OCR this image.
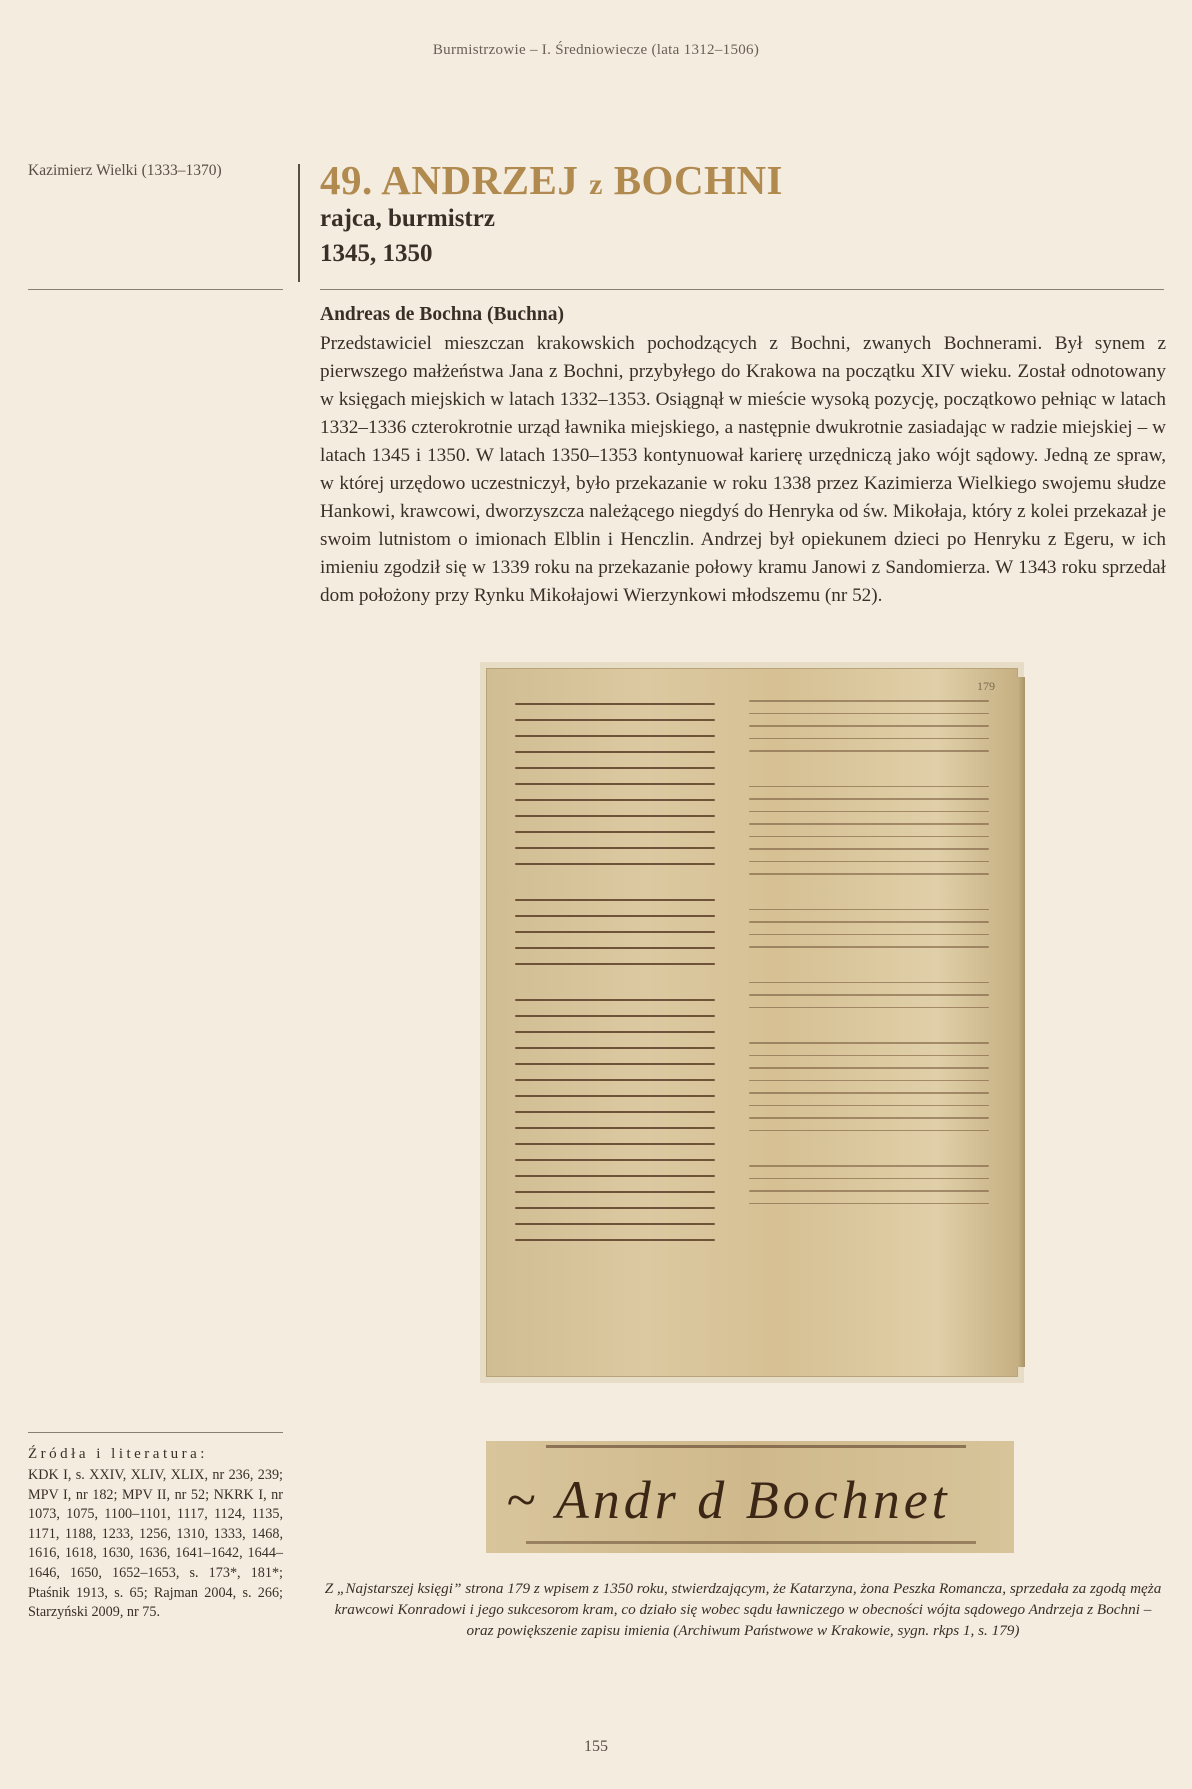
Burmistrzowie – I. Średniowiecze (lata 1312–1506)
Kazimierz Wielki (1333–1370) 49. ANDRZEJ z BOCHNI
rajca, burmistrz
1345, 1350
Andreas de Bochna (Buchna)
Przedstawiciel mieszczan krakowskich pochodzących z Bochni, zwanych Bochnerami. Był synem z pierwszego małżeństwa Jana z Bochni, przybyłego do Krakowa na początku XIV wieku. Został odnotowany w księgach miejskich w latach 1332–1353. Osiągnął w mieście wysoką pozycję, początkowo pełniąc w latach 1332–1336 czterokrotnie urząd ławnika miejskiego, a następnie dwukrotnie zasiadając w radzie miejskiej – w latach 1345 i 1350. W latach 1350–1353 kontynuował karierę urzędniczą jako wójt sądowy. Jedną ze spraw, w której urzędowo uczestniczył, było przekazanie w roku 1338 przez Kazimierza Wielkiego swojemu słudze Hankowi, krawcowi, dworzyszcza należącego niegdyś do Henryka od św. Mikołaja, który z kolei przekazał je swoim lutnistom o imionach Elblin i Henczlin. Andrzej był opiekunem dzieci po Henryku z Egeru, w ich imieniu zgodził się w 1339 roku na przekazanie połowy kramu Janowi z Sandomierza. W 1343 roku sprzedał dom położony przy Rynku Mikołajowi Wierzynkowi młodszemu (nr 52).
179
~ Andr d Bochnet
Z „Najstarszej księgi” strona 179 z wpisem z 1350 roku, stwierdzającym, że Katarzyna, żona Peszka Romancza, sprzedała za zgodą męża krawcowi Konradowi i jego sukcesorom kram, co działo się wobec sądu ławniczego w obecności wójta sądowego Andrzeja z Bochni – oraz powiększenie zapisu imienia (Archiwum Państwowe w Krakowie, sygn. rkps 1, s. 179)
Źródła i literatura:
KDK I, s. XXIV, XLIV, XLIX, nr 236, 239; MPV I, nr 182; MPV II, nr 52; NKRK I, nr 1073, 1075, 1100–1101, 1117, 1124, 1135, 1171, 1188, 1233, 1256, 1310, 1333, 1468, 1616, 1618, 1630, 1636, 1641–1642, 1644–1646, 1650, 1652–1653, s. 173*, 181*; Ptaśnik 1913, s. 65; Rajman 2004, s. 266; Starzyński 2009, nr 75.
155
